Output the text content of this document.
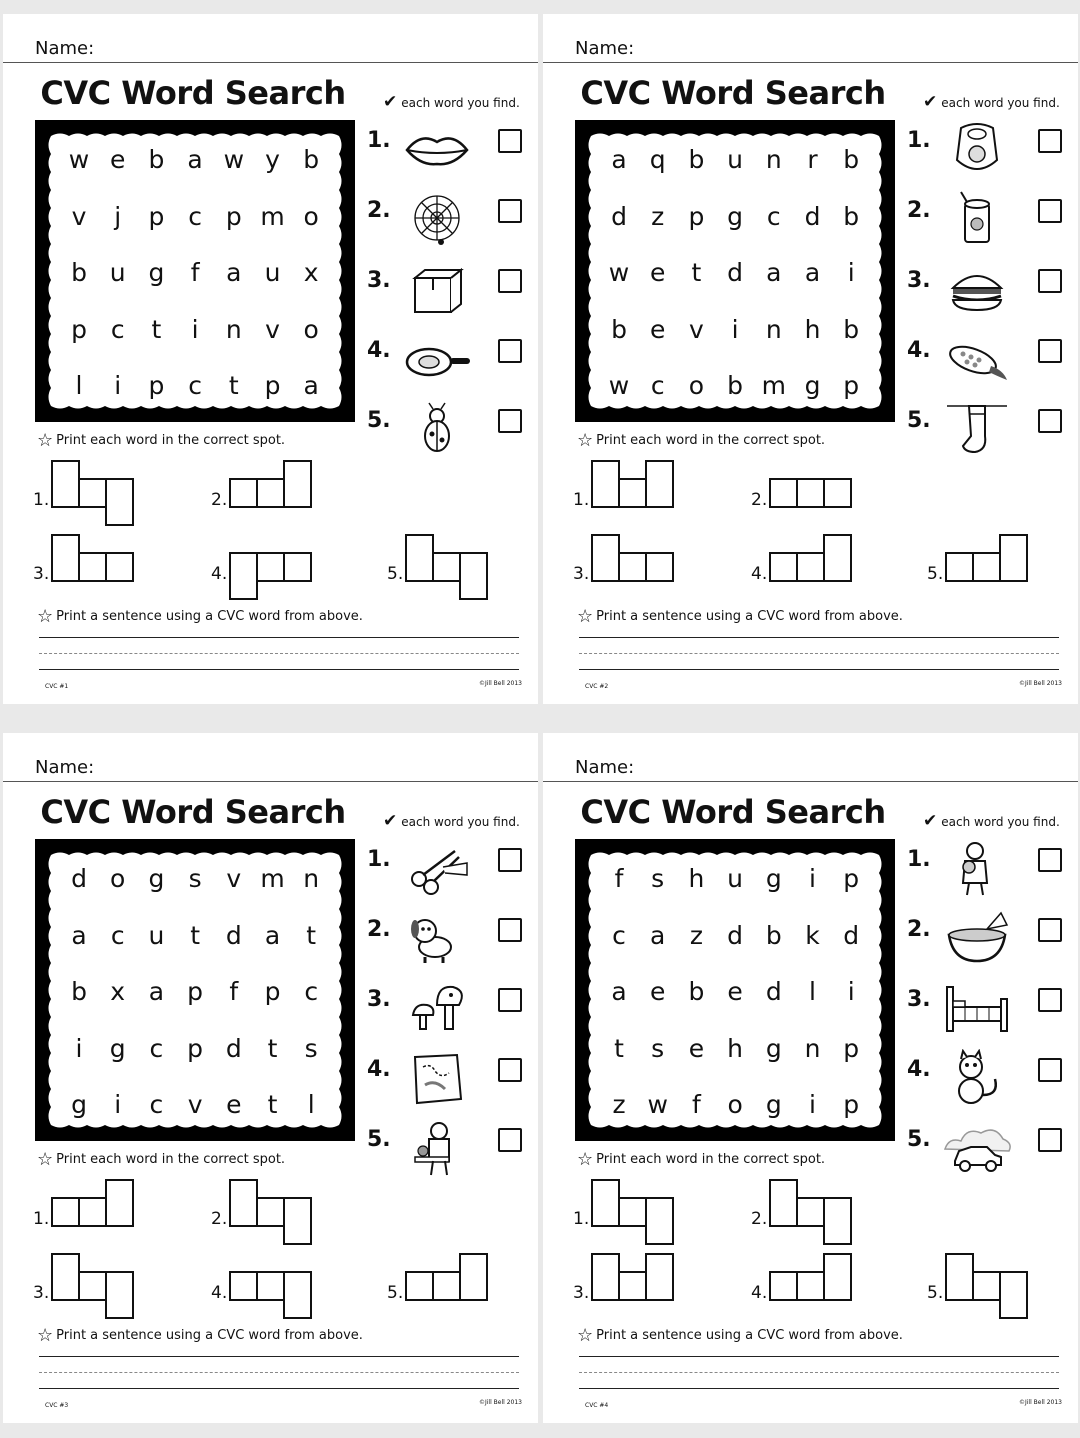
Name:
CVC Word Search	✔ each word you find.
w e b a w y b
v	j	p c p m o
b u g	f	a u x
p c	t	i	n v o
l	i	p c	t	p a
1.
2.
3.
4.
5.
☆ Print each word in the correct spot.
1.	2.
3.	4.	5.
☆ Print a sentence using a CVC word from above.
CVC #1	©Jill Bell 2013
Name:
CVC Word Search	✔ each word you find.
a q b u n	r	b
d z p g c d b
w e	t	d a a	i
b e v	i	n h b
w c o b m g p
1.
2.
3.
4.
5.
☆ Print each word in the correct spot.
1.	2.
3.	4.	5.
☆ Print a sentence using a CVC word from above.
CVC #2	©Jill Bell 2013
Name:
CVC Word Search	✔ each word you find.
d o g s v m n
a c u	t	d a	t
b x a p	f	p c
i	g c p d	t	s
g	i	c v e	t	l
1.
2.
3.
4.
5.
☆ Print each word in the correct spot.
1.	2.
3.	4.	5.
☆ Print a sentence using a CVC word from above.
CVC #3	©Jill Bell 2013
Name:
CVC Word Search	✔ each word you find.
f	s h u g	i	p
c a z d b k d
a e b e d	l	i
t	s e h g n p
z w f	o g	i	p
1.
2.
3.
4.
5.
☆ Print each word in the correct spot.
1.	2.
3.	4.	5.
☆ Print a sentence using a CVC word from above.
CVC #4	©Jill Bell 2013
